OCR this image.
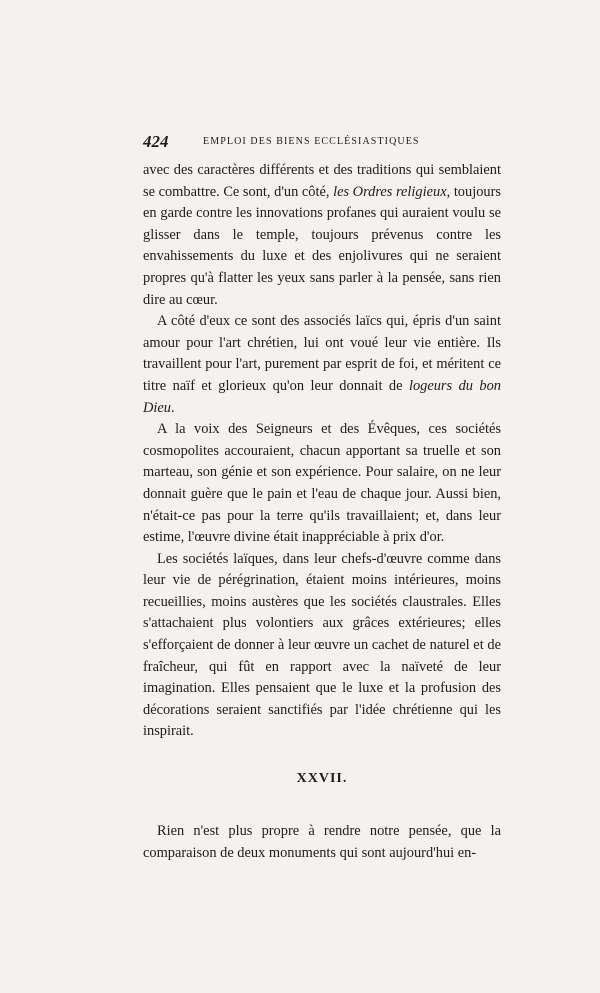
424	EMPLOI DES BIENS ECCLÉSIASTIQUES

avec des caractères différents et des traditions qui semblaient se combattre. Ce sont, d'un côté, les Ordres religieux, toujours en garde contre les innovations profanes qui auraient voulu se glisser dans le temple, toujours prévenus contre les envahissements du luxe et des enjolivures qui ne seraient propres qu'à flatter les yeux sans parler à la pensée, sans rien dire au cœur.

A côté d'eux ce sont des associés laïcs qui, épris d'un saint amour pour l'art chrétien, lui ont voué leur vie entière. Ils travaillent pour l'art, purement par esprit de foi, et méritent ce titre naïf et glorieux qu'on leur donnait de logeurs du bon Dieu.

A la voix des Seigneurs et des Évêques, ces sociétés cosmopolites accouraient, chacun apportant sa truelle et son marteau, son génie et son expérience. Pour salaire, on ne leur donnait guère que le pain et l'eau de chaque jour. Aussi bien, n'était-ce pas pour la terre qu'ils travaillaient; et, dans leur estime, l'œuvre divine était inappréciable à prix d'or.

Les sociétés laïques, dans leur chefs-d'œuvre comme dans leur vie de pérégrination, étaient moins intérieures, moins recueillies, moins austères que les sociétés claustrales. Elles s'attachaient plus volontiers aux grâces extérieures; elles s'efforçaient de donner à leur œuvre un cachet de naturel et de fraîcheur, qui fût en rapport avec la naïveté de leur imagination. Elles pensaient que le luxe et la profusion des décorations seraient sanctifiés par l'idée chrétienne qui les inspirait.

XXVII.

Rien n'est plus propre à rendre notre pensée, que la comparaison de deux monuments qui sont aujourd'hui en-
